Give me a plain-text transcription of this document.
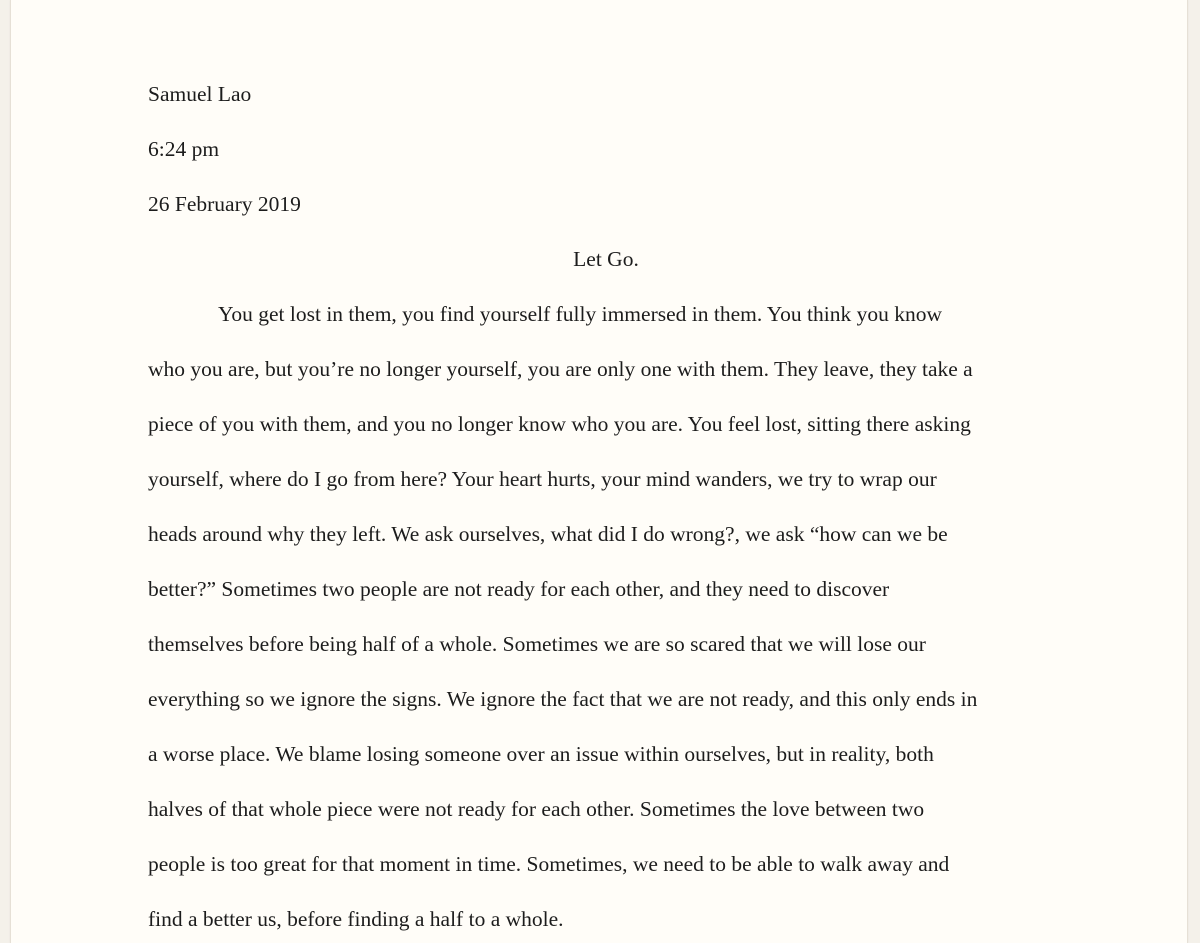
Samuel Lao
6:24 pm
26 February 2019
Let Go.
You get lost in them, you find yourself fully immersed in them. You think you know
who you are, but you’re no longer yourself, you are only one with them. They leave, they take a
piece of you with them, and you no longer know who you are. You feel lost, sitting there asking
yourself, where do I go from here? Your heart hurts, your mind wanders, we try to wrap our
heads around why they left. We ask ourselves, what did I do wrong?, we ask “how can we be
better?” Sometimes two people are not ready for each other, and they need to discover
themselves before being half of a whole. Sometimes we are so scared that we will lose our
everything so we ignore the signs. We ignore the fact that we are not ready, and this only ends in
a worse place. We blame losing someone over an issue within ourselves, but in reality, both
halves of that whole piece were not ready for each other. Sometimes the love between two
people is too great for that moment in time. Sometimes, we need to be able to walk away and
find a better us, before finding a half to a whole.
